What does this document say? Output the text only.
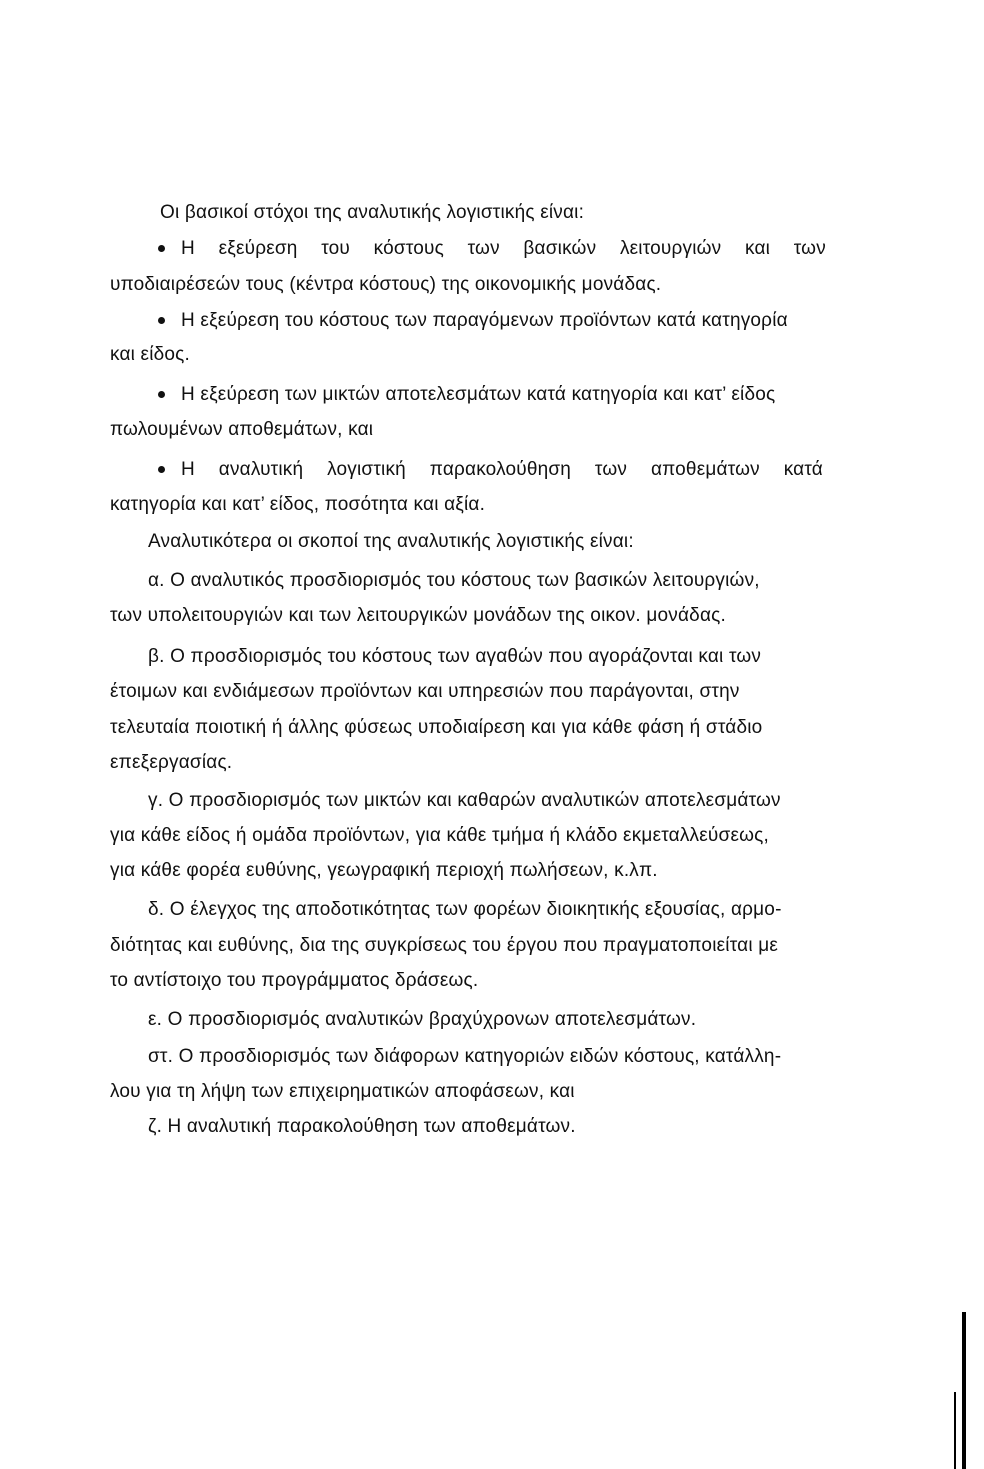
Οι βασικοί στόχοι της αναλυτικής λογιστικής είναι:
Η εξεύρεση του κόστους των βασικών λειτουργιών και των
υποδιαιρέσεών τους (κέντρα κόστους) της οικονομικής μονάδας.
Η εξεύρεση του κόστους των παραγόμενων προϊόντων κατά κατηγορία
και είδος.
Η εξεύρεση των μικτών αποτελεσμάτων κατά κατηγορία και κατ’ είδος
πωλουμένων αποθεμάτων, και
Η αναλυτική λογιστική παρακολούθηση των αποθεμάτων κατά
κατηγορία και κατ’ είδος, ποσότητα και αξία.
Αναλυτικότερα οι σκοποί της αναλυτικής λογιστικής είναι:
α. Ο αναλυτικός προσδιορισμός του κόστους των βασικών λειτουργιών,
των υπολειτουργιών και των λειτουργικών μονάδων της οικον. μονάδας.
β. Ο προσδιορισμός του κόστους των αγαθών που αγοράζονται και των
έτοιμων και ενδιάμεσων προϊόντων και υπηρεσιών που παράγονται, στην
τελευταία ποιοτική ή άλλης φύσεως υποδιαίρεση και για κάθε φάση ή στάδιο
επεξεργασίας.
γ. Ο προσδιορισμός των μικτών και καθαρών αναλυτικών αποτελεσμάτων
για κάθε είδος ή ομάδα προϊόντων, για κάθε τμήμα ή κλάδο εκμεταλλεύσεως,
για κάθε φορέα ευθύνης, γεωγραφική περιοχή πωλήσεων, κ.λπ.
δ. Ο έλεγχος της αποδοτικότητας των φορέων διοικητικής εξουσίας, αρμο-
διότητας και ευθύνης, δια της συγκρίσεως του έργου που πραγματοποιείται με
το αντίστοιχο του προγράμματος δράσεως.
ε. Ο προσδιορισμός αναλυτικών βραχύχρονων αποτελεσμάτων.
στ. Ο προσδιορισμός των διάφορων κατηγοριών ειδών κόστους, κατάλλη-
λου για τη λήψη των επιχειρηματικών αποφάσεων, και
ζ. Η αναλυτική παρακολούθηση των αποθεμάτων.
